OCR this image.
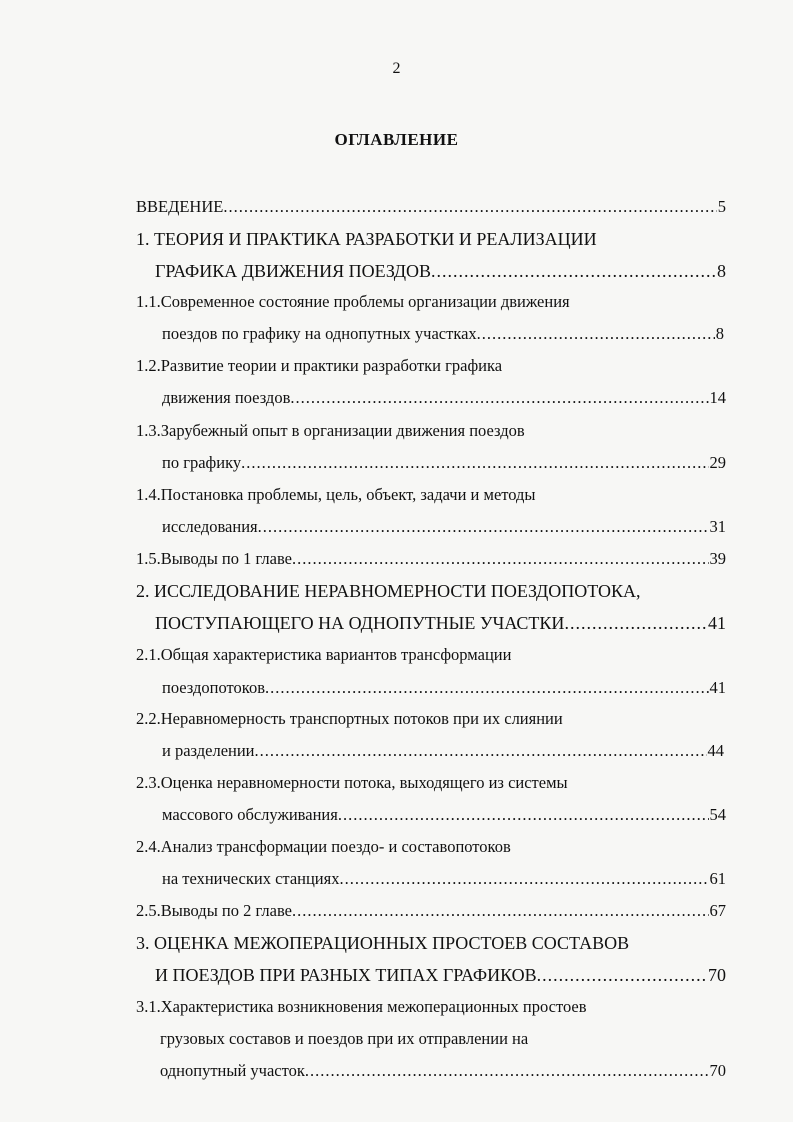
2
ОГЛАВЛЕНИЕ
ВВЕДЕНИЕ .....	5
1. ТЕОРИЯ И ПРАКТИКА РАЗРАБОТКИ И РЕАЛИЗАЦИИ
ГРАФИКА ДВИЖЕНИЯ ПОЕЗДОВ .....	8
1.1.Современное состояние проблемы организации движения
поездов по графику на однопутных участках .....	8
1.2.Развитие теории и практики разработки графика
движения поездов .....	14
1.3.Зарубежный опыт в организации движения поездов
по графику .....	29
1.4.Постановка проблемы, цель, объект, задачи и методы
исследования .....	31
1.5.Выводы по 1 главе .....	39
2. ИССЛЕДОВАНИЕ НЕРАВНОМЕРНОСТИ ПОЕЗДОПОТОКА,
ПОСТУПАЮЩЕГО НА ОДНОПУТНЫЕ УЧАСТКИ .....	41
2.1.Общая характеристика вариантов трансформации
поездопотоков .....	41
2.2.Неравномерность транспортных потоков при их слиянии
и разделении .....	44
2.3.Оценка неравномерности потока, выходящего из системы
массового обслуживания .....	54
2.4.Анализ трансформации поездо- и составопотоков
на технических станциях .....	61
2.5.Выводы по 2 главе .....	67
3. ОЦЕНКА МЕЖОПЕРАЦИОННЫХ ПРОСТОЕВ СОСТАВОВ
И ПОЕЗДОВ ПРИ РАЗНЫХ ТИПАХ ГРАФИКОВ .....	70
3.1.Характеристика возникновения межоперационных простоев
грузовых составов и поездов при их отправлении на
однопутный участок .....	70
